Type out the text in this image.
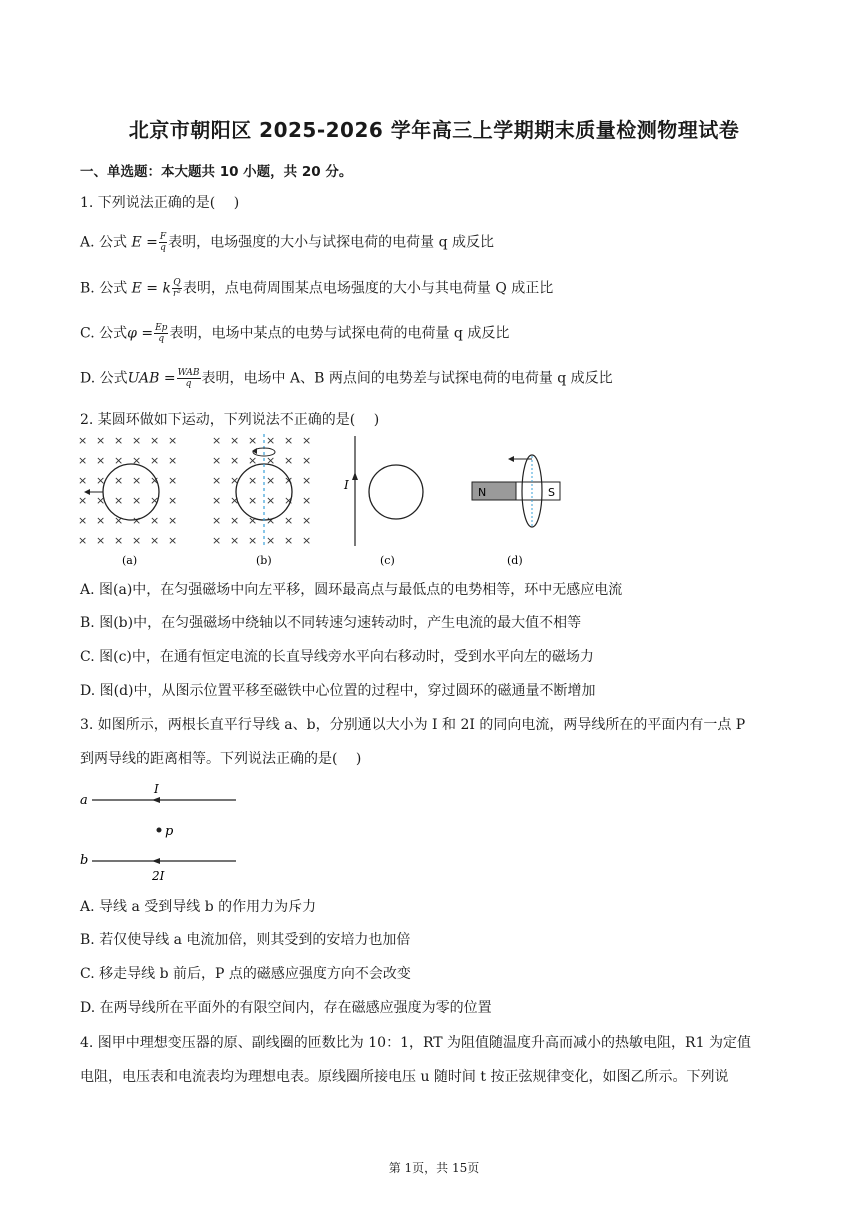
北京市朝阳区 2025-2026 学年高三上学期期末质量检测物理试卷
一、单选题：本大题共 10 小题，共 20 分。
1. 下列说法正确的是(　 )
A. 公式 $E = \frac{F}{q}$ 表明，电场强度的大小与试探电荷的电荷量 q 成反比
B. 公式 E = k $\frac{Q}{\text{r²}}$ 表明，点电荷周围某点电场强度的大小与其电荷量 Q 成正比
C. 公式$\varphi = \frac{Ep}{q}$ 表明，电场中某点的电势与试探电荷的电荷量 q 成反比
D. 公式UAB = $\frac{\text{WAB}}{q}$ 表明，电场中 A、B 两点间的电势差与试探电荷的电荷量 q 成反比
2. 某圆环做如下运动，下列说法不正确的是(　 )
× × × × × ×
× × × × × ×
× × × × × ×
× × × × × ×
× × × × × ×
× × × × × ×
(a)
× × × × × ×
× × × × × ×
× × × × × ×
× × × × × ×
× × × × × ×
× × × × × ×
(b)
I
(c)
N	S
(d)
A. 图(a)中，在匀强磁场中向左平移，圆环最高点与最低点的电势相等，环中无感应电流
B. 图(b)中，在匀强磁场中绕轴以不同转速匀速转动时，产生电流的最大值不相等
C. 图(c)中，在通有恒定电流的长直导线旁水平向右移动时，受到水平向左的磁场力
D. 图(d)中，从图示位置平移至磁铁中心位置的过程中，穿过圆环的磁通量不断增加
3. 如图所示，两根长直平行导线 a、b，分别通以大小为 I 和 2I 的同向电流，两导线所在的平面内有一点 P
到两导线的距离相等。下列说法正确的是(　 )
a
I
p
b
2I
A. 导线 a 受到导线 b 的作用力为斥力
B. 若仅使导线 a 电流加倍，则其受到的安培力也加倍
C. 移走导线 b 前后，P 点的磁感应强度方向不会改变
D. 在两导线所在平面外的有限空间内，存在磁感应强度为零的位置
4. 图甲中理想变压器的原、副线圈的匝数比为 10：1，RT 为阻值随温度升高而减小的热敏电阻，R1 为定值
电阻，电压表和电流表均为理想电表。原线圈所接电压 u 随时间 t 按正弦规律变化，如图乙所示。下列说
第 1页，共 15页
